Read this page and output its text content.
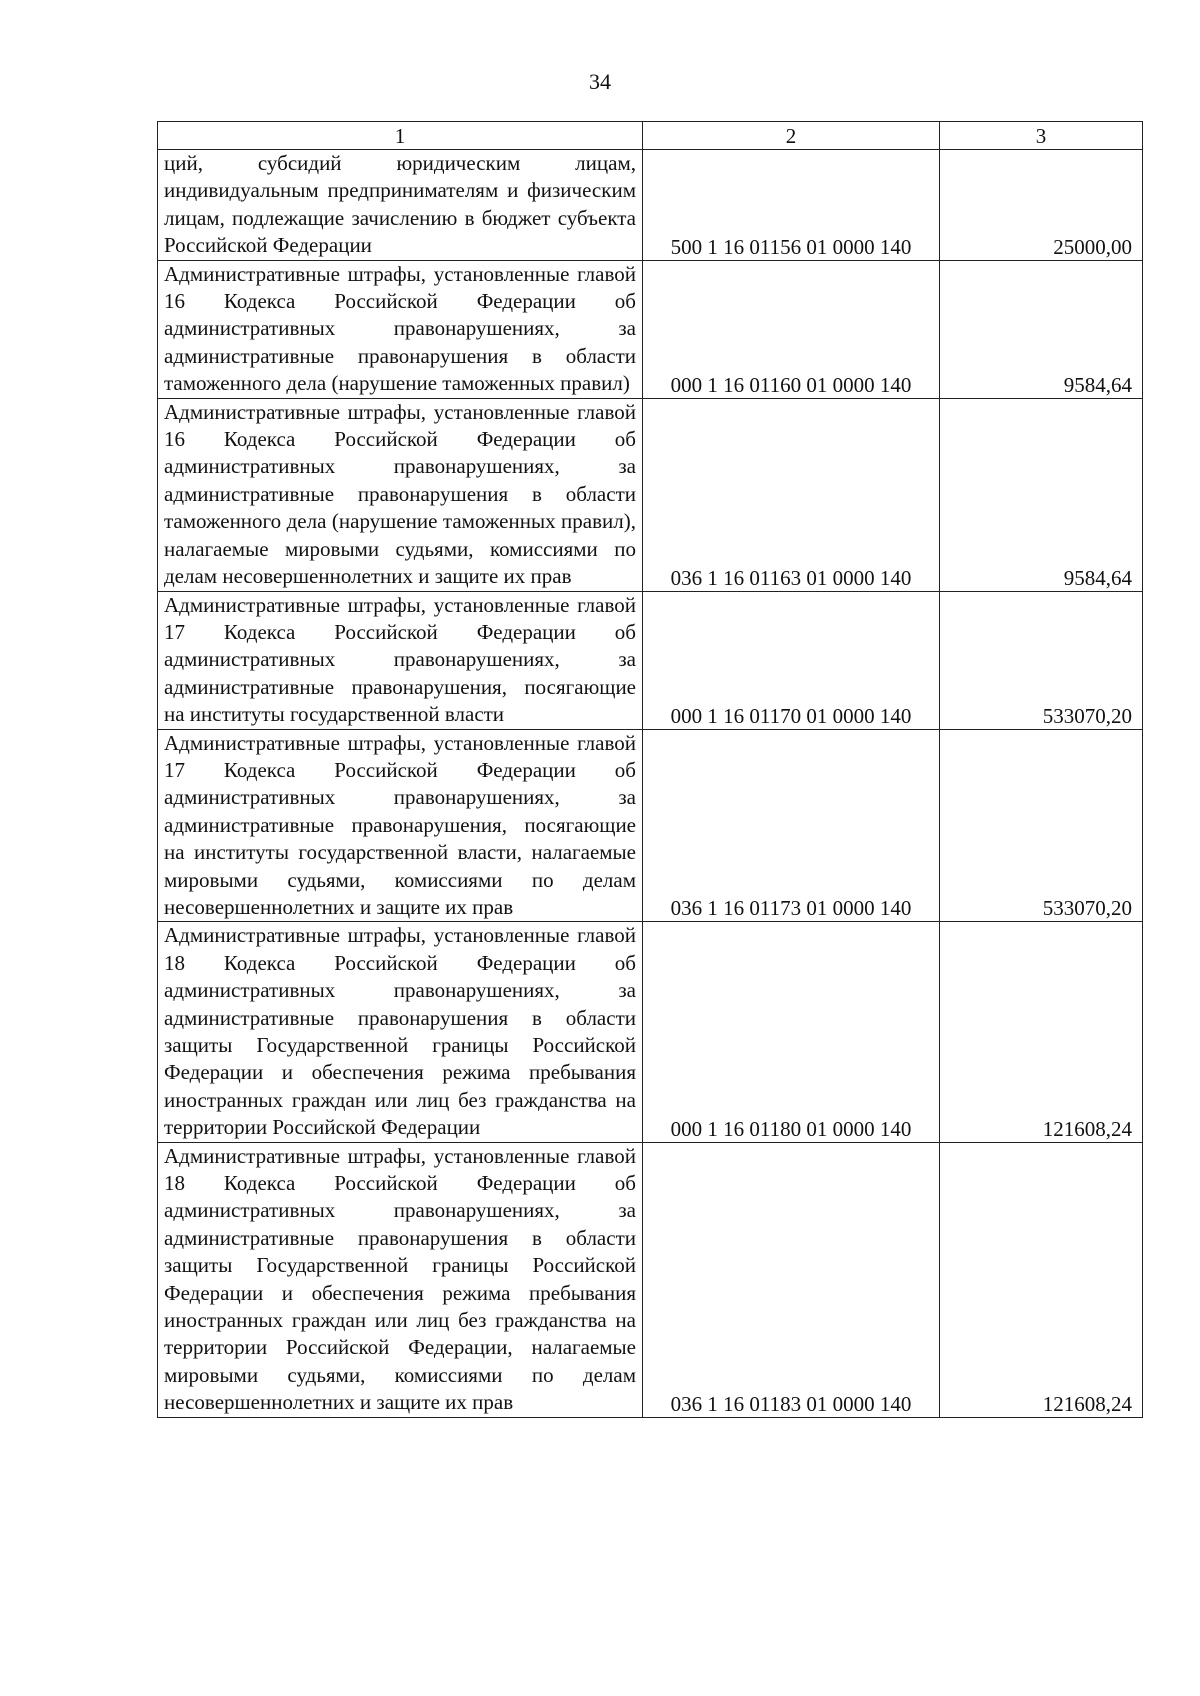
34
1	2	3
ций, субсидий юридическим лицам, индивидуальным предпринимателям и физическим лицам, подлежащие зачислению в бюджет субъекта Российской Федерации	500 1 16 01156 01 0000 140	25000,00
Административные штрафы, установленные главой 16 Кодекса Российской Федерации об административных правонарушениях, за административные правонарушения в области таможенного дела (нарушение таможенных правил)	000 1 16 01160 01 0000 140	9584,64
Административные штрафы, установленные главой 16 Кодекса Российской Федерации об административных правонарушениях, за административные правонарушения в области таможенного дела (нарушение таможенных правил), налагаемые мировыми судьями, комиссиями по делам несовершеннолетних и защите их прав	036 1 16 01163 01 0000 140	9584,64
Административные штрафы, установленные главой 17 Кодекса Российской Федерации об административных правонарушениях, за административные правонарушения, посягающие на институты государственной власти	000 1 16 01170 01 0000 140	533070,20
Административные штрафы, установленные главой 17 Кодекса Российской Федерации об административных правонарушениях, за административные правонарушения, посягающие на институты государственной власти, налагаемые мировыми судьями, комиссиями по делам несовершеннолетних и защите их прав	036 1 16 01173 01 0000 140	533070,20
Административные штрафы, установленные главой 18 Кодекса Российской Федерации об административных правонарушениях, за административные правонарушения в области защиты Государственной границы Российской Федерации и обеспечения режима пребывания иностранных граждан или лиц без гражданства на территории Российской Федерации	000 1 16 01180 01 0000 140	121608,24
Административные штрафы, установленные главой 18 Кодекса Российской Федерации об административных правонарушениях, за административные правонарушения в области защиты Государственной границы Российской Федерации и обеспечения режима пребывания иностранных граждан или лиц без гражданства на территории Российской Федерации, налагаемые мировыми судьями, комиссиями по делам несовершеннолетних и защите их прав	036 1 16 01183 01 0000 140	121608,24
